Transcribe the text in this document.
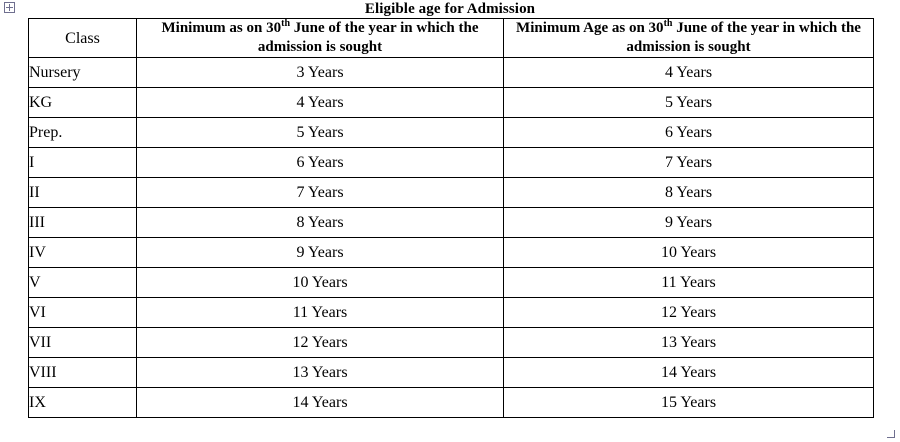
Eligible age for Admission
Class	Minimum as on 30th June of the year in which the admission is sought	Minimum Age as on 30th June of the year in which the admission is sought
Nursery	3 Years	4 Years
KG	4 Years	5 Years
Prep.	5 Years	6 Years
I	6 Years	7 Years
II	7 Years	8 Years
III	8 Years	9 Years
IV	9 Years	10 Years
V	10 Years	11 Years
VI	11 Years	12 Years
VII	12 Years	13 Years
VIII	13 Years	14 Years
IX	14 Years	15 Years
